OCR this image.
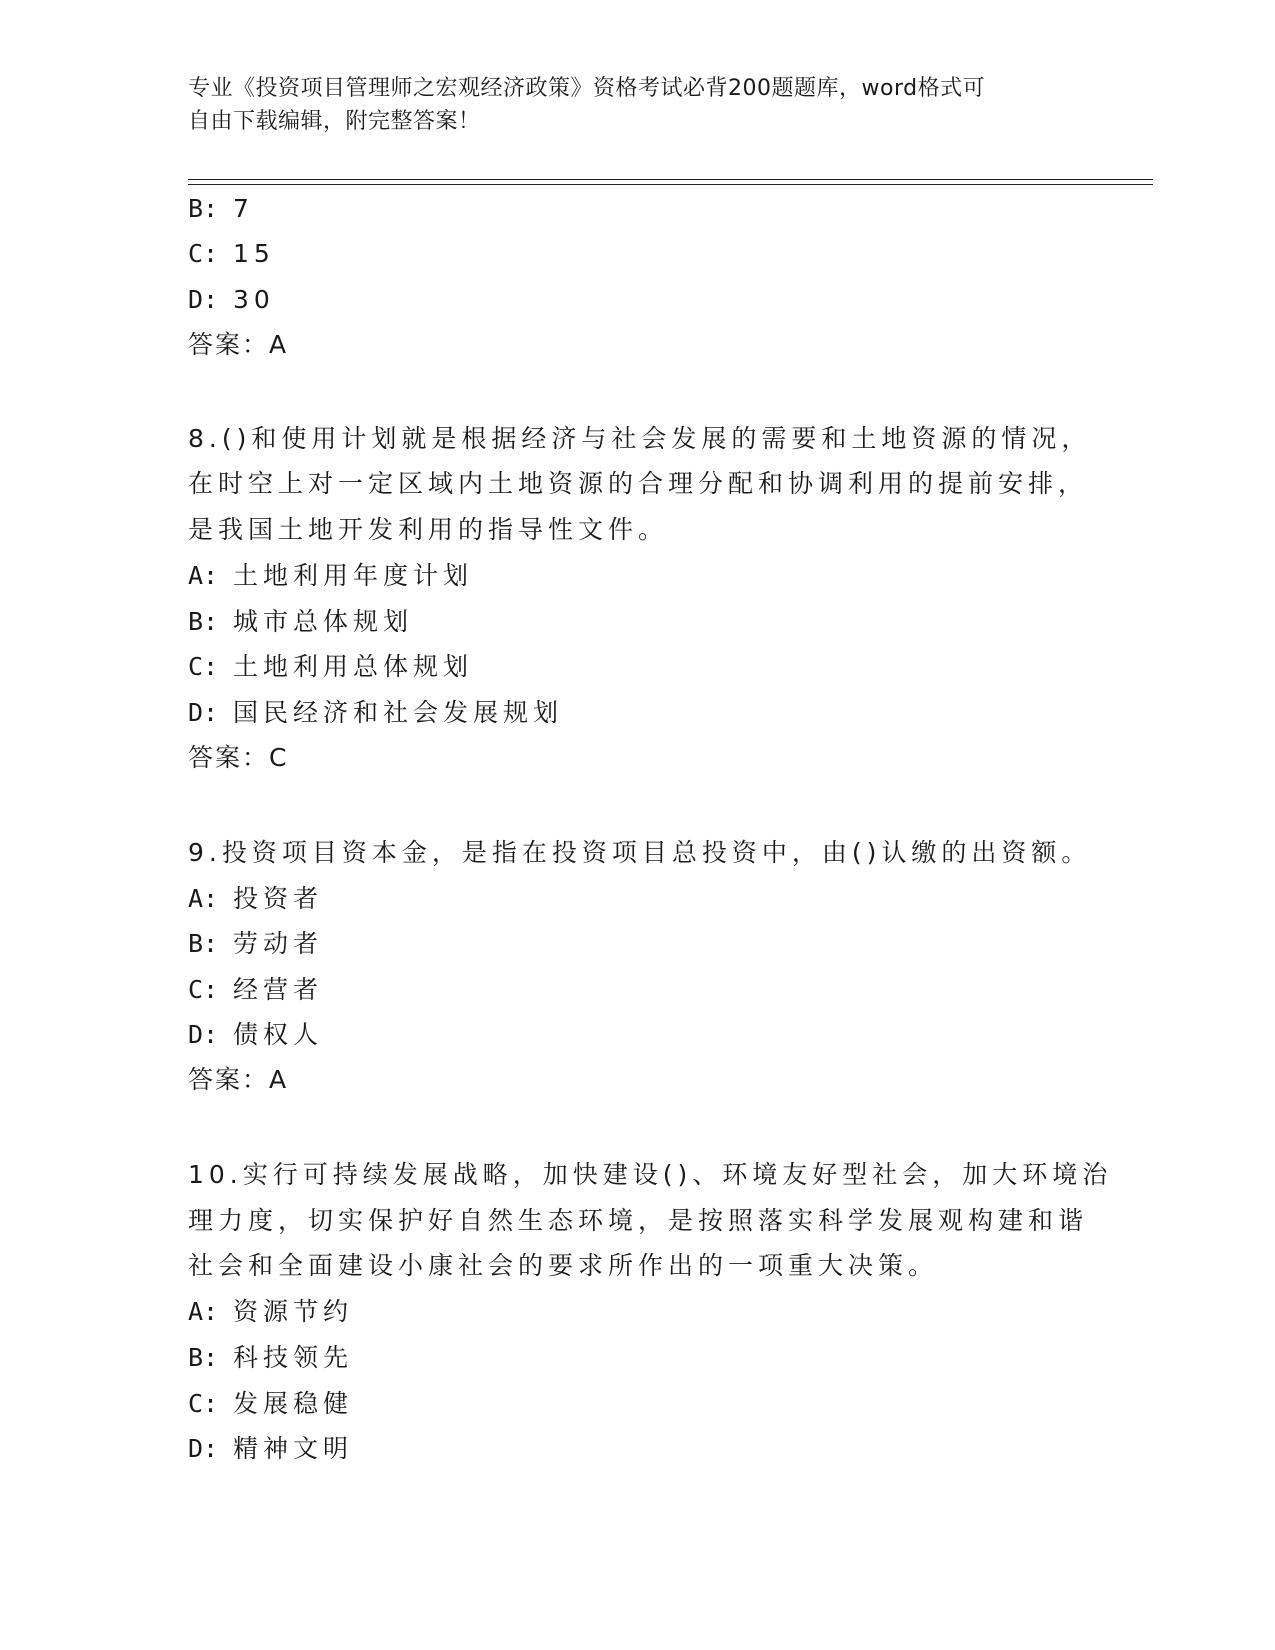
专业《投资项目管理师之宏观经济政策》资格考试必背200题题库，word格式可
自由下载编辑，附完整答案！
B: 7
C: 15
D: 30
答案：A
8.()和使用计划就是根据经济与社会发展的需要和土地资源的情况，
在时空上对一定区域内土地资源的合理分配和协调利用的提前安排，
是我国土地开发利用的指导性文件。
A: 土地利用年度计划
B: 城市总体规划
C: 土地利用总体规划
D: 国民经济和社会发展规划
答案：C
9.投资项目资本金，是指在投资项目总投资中，由()认缴的出资额。
A: 投资者
B: 劳动者
C: 经营者
D: 债权人
答案：A
10.实行可持续发展战略，加快建设()、环境友好型社会，加大环境治
理力度，切实保护好自然生态环境，是按照落实科学发展观构建和谐
社会和全面建设小康社会的要求所作出的一项重大决策。
A: 资源节约
B: 科技领先
C: 发展稳健
D: 精神文明
